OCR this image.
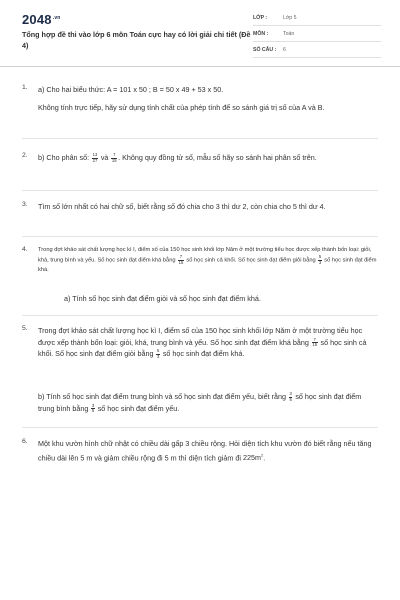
$2048^{.vn}$
Tổng hợp đề thi vào lớp 6 môn Toán cực hay có lời giải chi tiết (Đề 4)
LỚP :	Lớp 5
MÔN :	Toán
SỐ CÂU :	6
1. a) Cho hai biểu thức: A = 101 x 50 ; B = 50 x 49 + 53 x 50.
Không tính trực tiếp, hãy sử dụng tính chất của phép tính để so sánh giá trị số của A và B.
2. b) Cho phân số: $\frac{13}{27}$ và $\frac{7}{15}$ . Không quy đồng tử số, mẫu số hãy so sánh hai phân số trên.
3. Tìm số lớn nhất có hai chữ số, biết rằng số đó chia cho 3 thì dư 2, còn chia cho 5 thì dư 4.
4. Trong đợt khảo sát chất lượng học kì I, điểm số của 150 học sinh khối lớp Năm ở một trường tiểu học được xếp thành bốn loại: giỏi, khá, trung bình và yếu. Số học sinh đạt điểm khá bằng $\frac{7}{15}$ số học sinh cả khối. Số học sinh đạt điểm giỏi bằng $\frac{5}{3}$ số học sinh đạt điểm khá.
a) Tính số học sinh đạt điểm giỏi và số học sinh đạt điểm khá.
5. Trong đợt khảo sát chất lượng học kì I, điểm số của 150 học sinh khối lớp Năm ở một trường tiểu học được xếp thành bốn loại: giỏi, khá, trung bình và yếu. Số học sinh đạt điểm khá bằng $\frac{7}{15}$ số học sinh cả khối. Số học sinh đạt điểm giỏi bằng $\frac{5}{3}$ số học sinh đạt điểm khá.
b) Tính số học sinh đạt điểm trung bình và số học sinh đạt điểm yếu, biết rằng $\frac{3}{5}$ số học sinh đạt điểm trung bình bằng $\frac{3}{5}$ số học sinh đạt điểm yếu.
6. Một khu vườn hình chữ nhật có chiều dài gấp 3 chiều rộng. Hỏi diện tích khu vườn đó biết rằng nếu tăng chiều dài lên 5 m và giảm chiều rộng đi 5 m thì diện tích giảm đi $225m^2$.
